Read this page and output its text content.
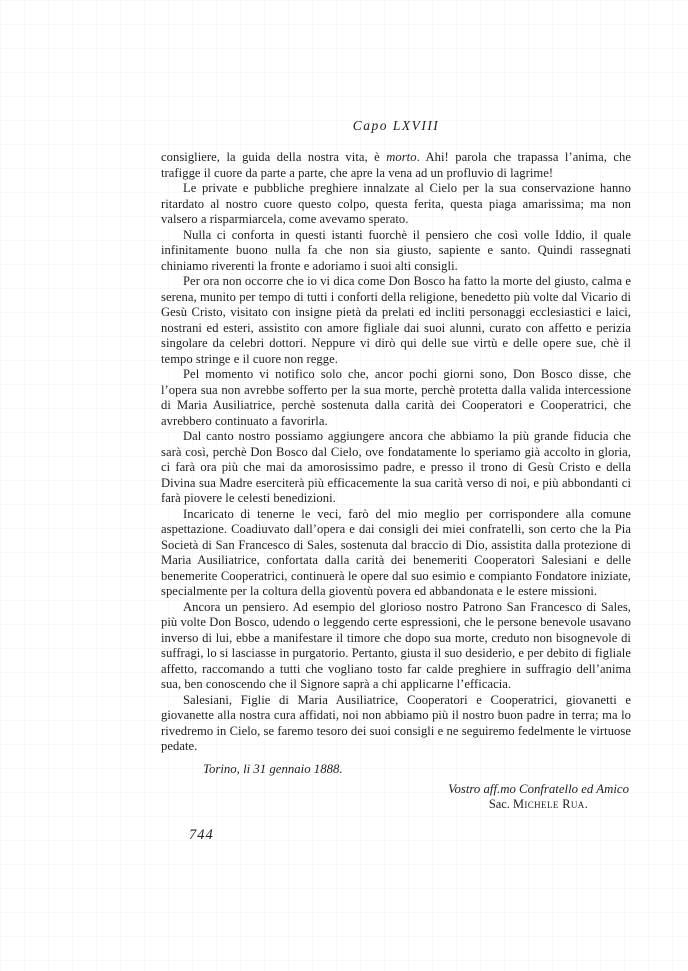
Capo LXVIII

consigliere, la guida della nostra vita, è morto. Ahi! parola che trapassa l’anima, che trafigge il cuore da parte a parte, che apre la vena ad un profluvio di lagrime!

Le private e pubbliche preghiere innalzate al Cielo per la sua conservazione hanno ritardato al nostro cuore questo colpo, questa ferita, questa piaga amarissima; ma non valsero a risparmiarcela, come avevamo sperato.

Nulla ci conforta in questi istanti fuorchè il pensiero che così volle Iddio, il quale infinitamente buono nulla fa che non sia giusto, sapiente e santo. Quindi rassegnati chiniamo riverenti la fronte e adoriamo i suoi alti consigli.

Per ora non occorre che io vi dica come Don Bosco ha fatto la morte del giusto, calma e serena, munito per tempo di tutti i conforti della religione, benedetto più volte dal Vicario di Gesù Cristo, visitato con insigne pietà da prelati ed incliti personaggi ecclesiastici e laici, nostrani ed esteri, assistito con amore figliale dai suoi alunni, curato con affetto e perizia singolare da celebri dottori. Neppure vi dirò qui delle sue virtù e delle opere sue, chè il tempo stringe e il cuore non regge.

Pel momento vi notifico solo che, ancor pochi giorni sono, Don Bosco disse, che l’opera sua non avrebbe sofferto per la sua morte, perchè protetta dalla valida intercessione di Maria Ausiliatrice, perchè sostenuta dalla carità dei Cooperatori e Cooperatrici, che avrebbero continuato a favorirla.

Dal canto nostro possiamo aggiungere ancora che abbiamo la più grande fiducia che sarà così, perchè Don Bosco dal Cielo, ove fondatamente lo speriamo già accolto in gloria, ci farà ora più che mai da amorosissimo padre, e presso il trono di Gesù Cristo e della Divina sua Madre eserciterà più efficacemente la sua carità verso di noi, e più abbondanti ci farà piovere le celesti benedizioni.

Incaricato di tenerne le veci, farò del mio meglio per corrispondere alla comune aspettazione. Coadiuvato dall’opera e dai consigli dei miei confratelli, son certo che la Pia Società di San Francesco di Sales, sostenuta dal braccio di Dio, assistita dalla protezione di Maria Ausiliatrice, confortata dalla carità dei benemeriti Cooperatori Salesiani e delle benemerite Cooperatrici, continuerà le opere dal suo esimio e compianto Fondatore iniziate, specialmente per la coltura della gioventù povera ed abbandonata e le estere missioni.

Ancora un pensiero. Ad esempio del glorioso nostro Patrono San Francesco di Sales, più volte Don Bosco, udendo o leggendo certe espressioni, che le persone benevole usavano inverso di lui, ebbe a manifestare il timore che dopo sua morte, creduto non bisognevole di suffragi, lo si lasciasse in purgatorio. Pertanto, giusta il suo desiderio, e per debito di figliale affetto, raccomando a tutti che vogliano tosto far calde preghiere in suffragio dell’anima sua, ben conoscendo che il Signore saprà a chi applicarne l’efficacia.

Salesiani, Figlie di Maria Ausiliatrice, Cooperatori e Cooperatrici, giovanetti e giovanette alla nostra cura affidati, noi non abbiamo più il nostro buon padre in terra; ma lo rivedremo in Cielo, se faremo tesoro dei suoi consigli e ne seguiremo fedelmente le virtuose pedate.

Torino, li 31 gennaio 1888.
Vostro aff.mo Confratello ed Amico
Sac. Michele Rua.
744
